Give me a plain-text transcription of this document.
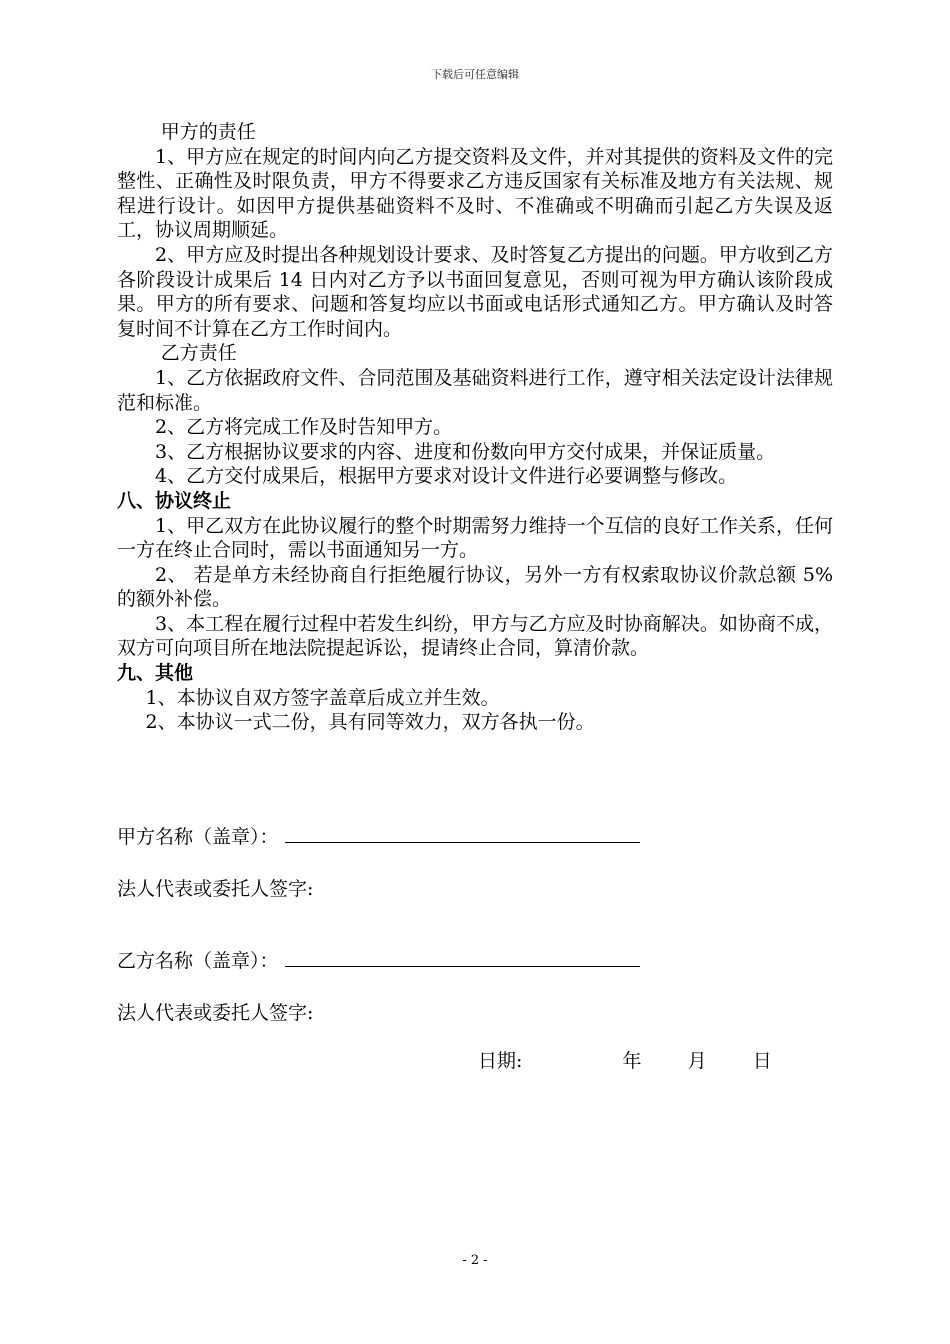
下载后可任意编辑

甲方的责任

1、甲方应在规定的时间内向乙方提交资料及文件，并对其提供的资料及文件的完整性、正确性及时限负责，甲方不得要求乙方违反国家有关标准及地方有关法规、规程进行设计。如因甲方提供基础资料不及时、不准确或不明确而引起乙方失误及返工，协议周期顺延。

2、甲方应及时提出各种规划设计要求、及时答复乙方提出的问题。甲方收到乙方各阶段设计成果后 14 日内对乙方予以书面回复意见，否则可视为甲方确认该阶段成果。甲方的所有要求、问题和答复均应以书面或电话形式通知乙方。甲方确认及时答复时间不计算在乙方工作时间内。

乙方责任

1、乙方依据政府文件、合同范围及基础资料进行工作，遵守相关法定设计法律规范和标准。

2、乙方将完成工作及时告知甲方。

3、乙方根据协议要求的内容、进度和份数向甲方交付成果，并保证质量。

4、乙方交付成果后，根据甲方要求对设计文件进行必要调整与修改。

八、协议终止

1、甲乙双方在此协议履行的整个时期需努力维持一个互信的良好工作关系，任何一方在终止合同时，需以书面通知另一方。

2、 若是单方未经协商自行拒绝履行协议，另外一方有权索取协议价款总额 5%的额外补偿。

3、本工程在履行过程中若发生纠纷，甲方与乙方应及时协商解决。如协商不成，双方可向项目所在地法院提起诉讼，提请终止合同，算清价款。

九、其他

1、本协议自双方签字盖章后成立并生效。

2、本协议一式二份，具有同等效力，双方各执一份。

甲方名称（盖章）：
法人代表或委托人签字:
乙方名称（盖章）：
法人代表或委托人签字:
日期:	年 月 日
- 2 -
